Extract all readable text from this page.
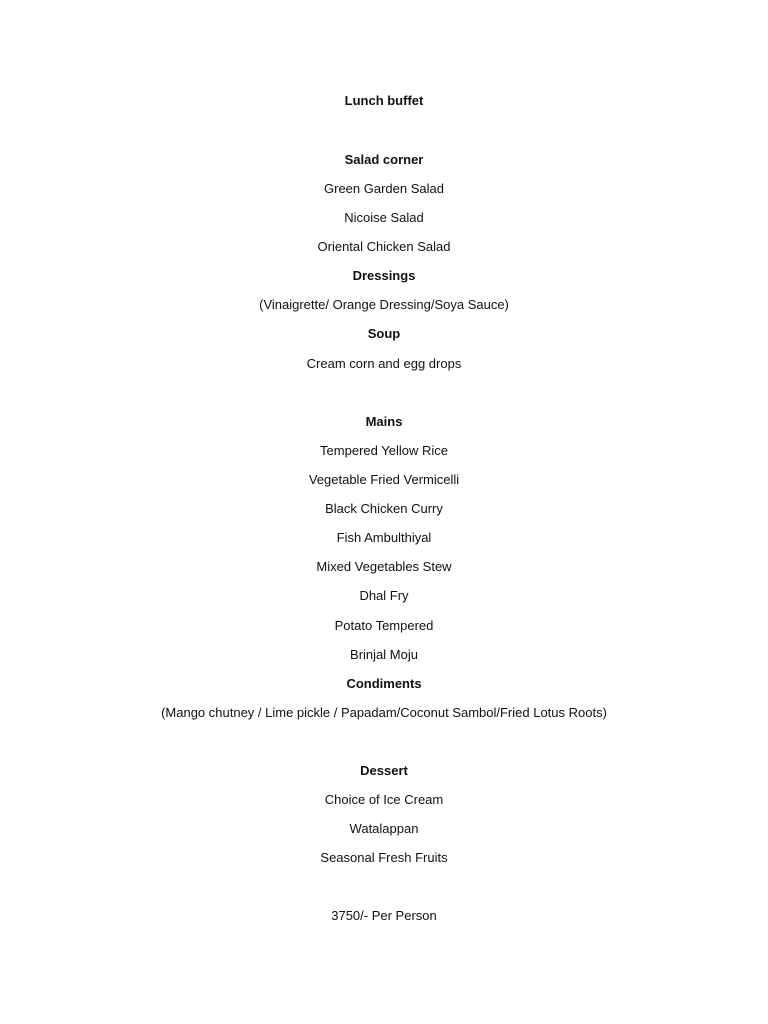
Lunch buffet
Salad corner
Green Garden Salad
Nicoise Salad
Oriental Chicken Salad
Dressings
(Vinaigrette/ Orange Dressing/Soya Sauce)
Soup
Cream corn and egg drops
Mains
Tempered Yellow Rice
Vegetable Fried Vermicelli
Black Chicken Curry
Fish Ambulthiyal
Mixed Vegetables Stew
Dhal Fry
Potato Tempered
Brinjal Moju
Condiments
(Mango chutney / Lime pickle / Papadam/Coconut Sambol/Fried Lotus Roots)
Dessert
Choice of Ice Cream
Watalappan
Seasonal Fresh Fruits
3750/- Per Person
